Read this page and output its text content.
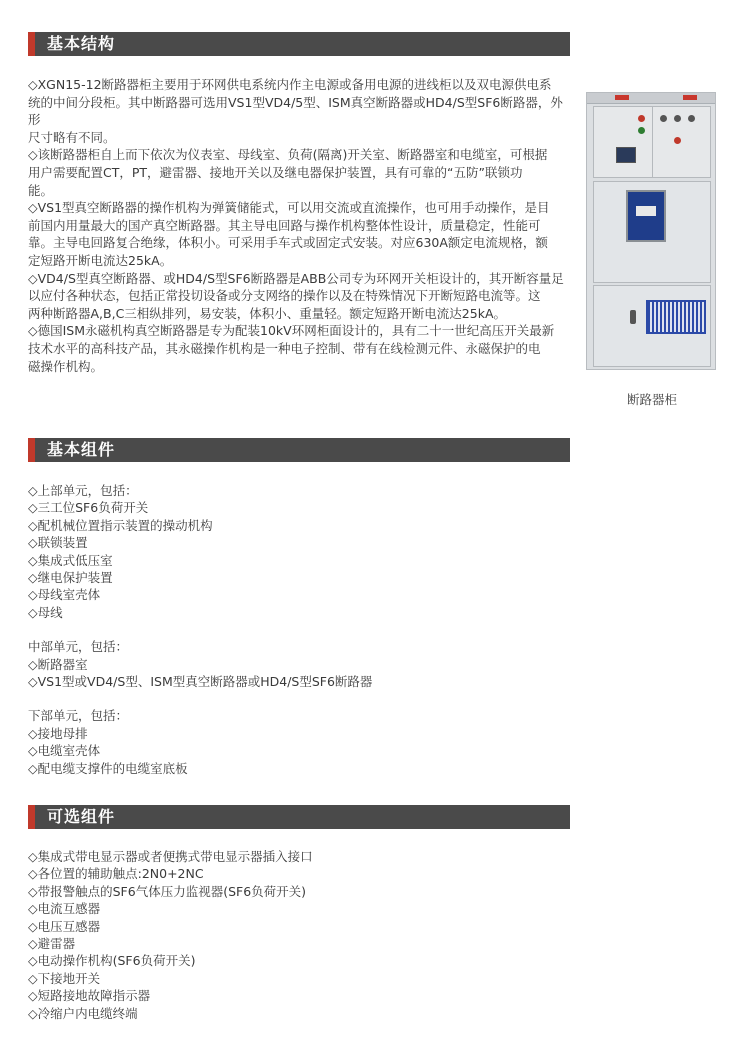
基本结构

◇XGN15-12断路器柜主要用于环网供电系统内作主电源或备用电源的进线柜以及双电源供电系

统的中间分段柜。其中断路器可选用VS1型VD4/5型、ISM真空断路器或HD4/S型SF6断路器，外形

尺寸略有不同。

◇该断路器柜自上而下依次为仪表室、母线室、负荷(隔离)开关室、断路器室和电缆室，可根据

用户需要配置CT，PT，避雷器、接地开关以及继电器保护装置，具有可靠的“五防”联锁功

能。

◇VS1型真空断路器的操作机构为弹簧储能式，可以用交流或直流操作，也可用手动操作，是目

前国内用量最大的国产真空断路器。其主导电回路与操作机构整体性设计，质量稳定，性能可

靠。主导电回路复合绝缘，体积小。可采用手车式或固定式安装。对应630A额定电流规格，额

定短路开断电流达25kA。

◇VD4/S型真空断路器、或HD4/S型SF6断路器是ABB公司专为环网开关柜设计的，其开断容量足

以应付各种状态，包括正常投切设备或分支网络的操作以及在特殊情况下开断短路电流等。这

两种断路器A,B,C三相纵排列，易安装，体积小、重量轻。额定短路开断电流达25kA。

◇德国ISM永磁机构真空断路器是专为配装10kV环网柜面设计的，具有二十一世纪高压开关最新

技术水平的高科技产品，其永磁操作机构是一种电子控制、带有在线检测元件、永磁保护的电

磁操作机构。

断路器柜
基本组件
◇上部单元，包括：
◇三工位SF6负荷开关
◇配机械位置指示装置的操动机构
◇联锁装置
◇集成式低压室
◇继电保护装置
◇母线室壳体
◇母线
中部单元，包括：
◇断路器室
◇VS1型或VD4/S型、ISM型真空断路器或HD4/S型SF6断路器
下部单元，包括：
◇接地母排
◇电缆室壳体
◇配电缆支撑件的电缆室底板
可选组件
◇集成式带电显示器或者便携式带电显示器插入接口
◇各位置的辅助触点:2N0+2NC
◇带报警触点的SF6气体压力监视器(SF6负荷开关)
◇电流互感器
◇电压互感器
◇避雷器
◇电动操作机构(SF6负荷开关)
◇下接地开关
◇短路接地故障指示器
◇冷缩户内电缆终端
